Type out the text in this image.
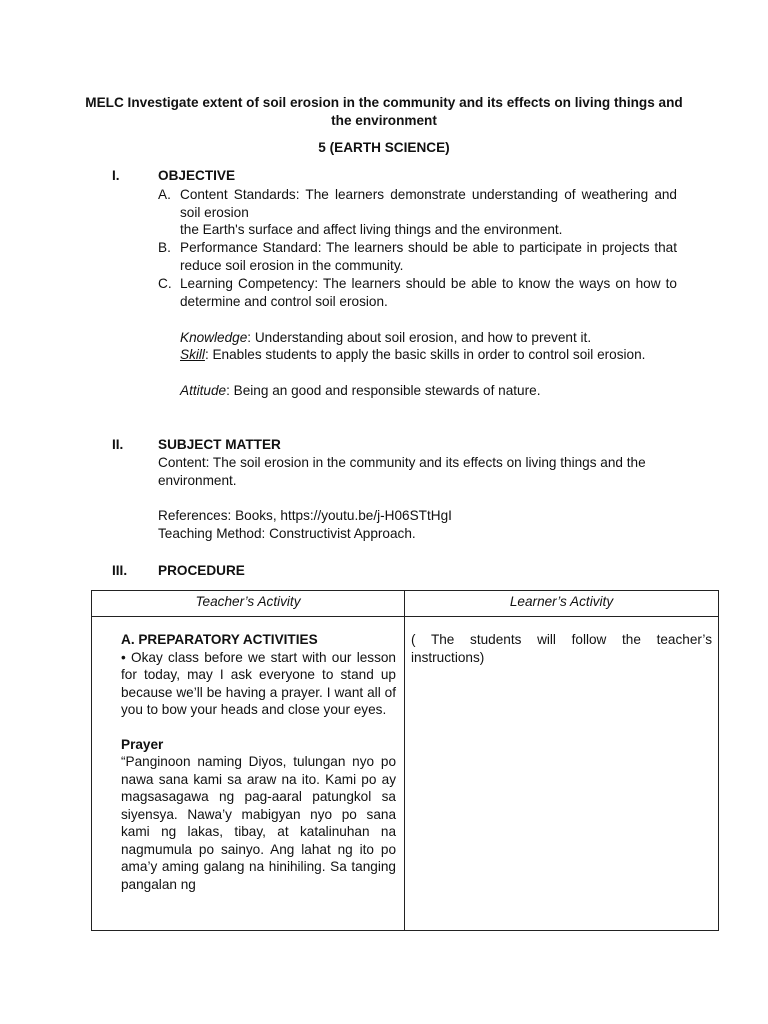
MELC Investigate extent of soil erosion in the community and its effects on living things and the environment
5 (EARTH SCIENCE)
I.	OBJECTIVE
A. Content Standards: The learners demonstrate understanding of weathering and soil erosion
the Earth's surface and affect living things and the environment.
B. Performance Standard: The learners should be able to participate in projects that reduce soil erosion in the community.
C. Learning Competency: The learners should be able to know the ways on how to determine and control soil erosion.
Knowledge: Understanding about soil erosion, and how to prevent it.
Skill: Enables students to apply the basic skills in order to control soil erosion.
Attitude: Being an good and responsible stewards of nature.
II.	SUBJECT MATTER
Content: The soil erosion in the community and its effects on living things and the environment.
References: Books, https://youtu.be/j-H06STtHgI
Teaching Method: Constructivist Approach.
III. PROCEDURE
Teacher’s Activity	Learner’s Activity

A. PREPARATORY ACTIVITIES
• Okay class before we start with our lesson for today, may I ask everyone to stand up because we’ll be having a prayer. I want all of you to bow your heads and close your eyes.
Prayer
“Panginoon naming Diyos, tulungan nyo po nawa sana kami sa araw na ito. Kami po ay magsasagawa ng pag-aaral patungkol sa siyensya. Nawa’y mabigyan nyo po sana kami ng lakas, tibay, at katalinuhan na nagmumula po sainyo. Ang lahat ng ito po ama’y aming galang na hinihiling. Sa tanging pangalan ng	( The students will follow the teacher’s instructions)
